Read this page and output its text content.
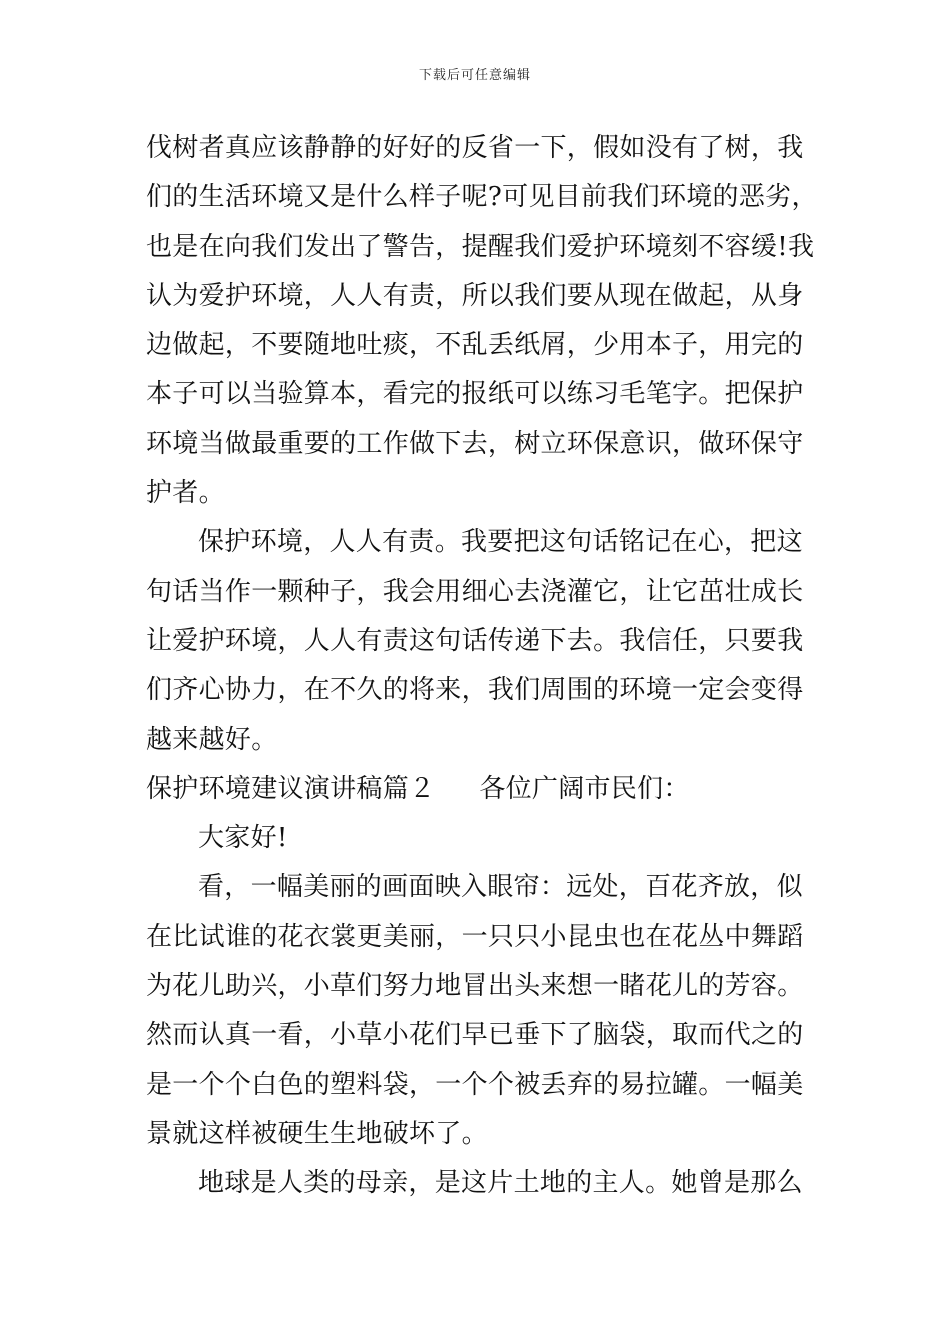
下载后可任意编辑
伐树者真应该静静的好好的反省一下，假如没有了树，我
们的生活环境又是什么样子呢?可见目前我们环境的恶劣，
也是在向我们发出了警告，提醒我们爱护环境刻不容缓!我
认为爱护环境，人人有责，所以我们要从现在做起，从身
边做起，不要随地吐痰，不乱丢纸屑，少用本子，用完的
本子可以当验算本，看完的报纸可以练习毛笔字。把保护
环境当做最重要的工作做下去，树立环保意识，做环保守
护者。
保护环境，人人有责。我要把这句话铭记在心，把这
句话当作一颗种子，我会用细心去浇灌它，让它茁壮成长
让爱护环境，人人有责这句话传递下去。我信任，只要我
们齐心协力，在不久的将来，我们周围的环境一定会变得
越来越好。
保护环境建议演讲稿篇２ 各位广阔市民们：
大家好!
看，一幅美丽的画面映入眼帘：远处，百花齐放，似
在比试谁的花衣裳更美丽，一只只小昆虫也在花丛中舞蹈
为花儿助兴，小草们努力地冒出头来想一睹花儿的芳容。
然而认真一看，小草小花们早已垂下了脑袋，取而代之的
是一个个白色的塑料袋，一个个被丢弃的易拉罐。一幅美
景就这样被硬生生地破坏了。
地球是人类的母亲，是这片土地的主人。她曾是那么
